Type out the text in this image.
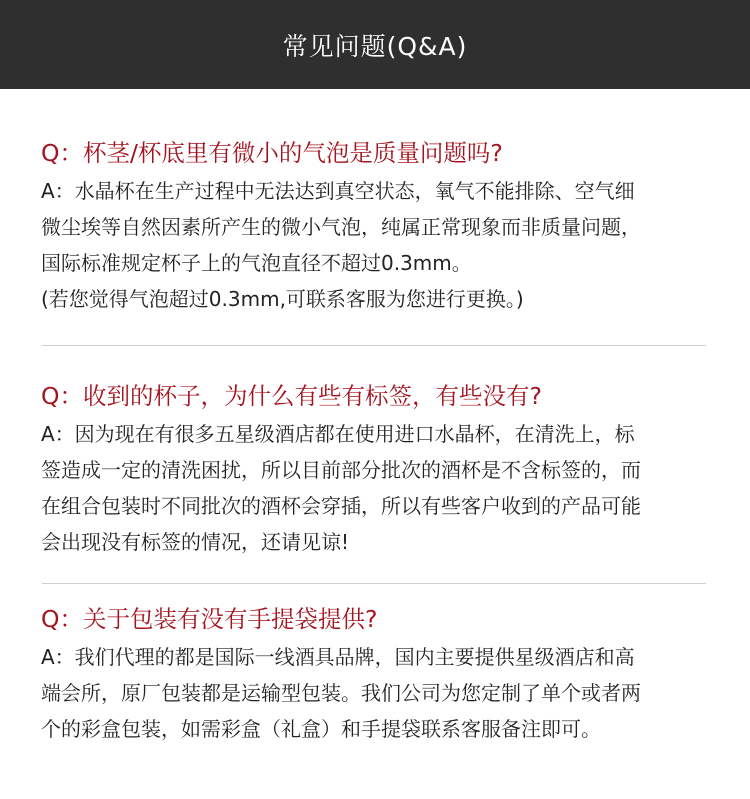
常见问题(Q&A)
Q：杯茎/杯底里有微小的气泡是质量问题吗?
A：水晶杯在生产过程中无法达到真空状态，氧气不能排除、空气细
微尘埃等自然因素所产生的微小气泡，纯属正常现象而非质量问题，
国际标准规定杯子上的气泡直径不超过0.3mm。
(若您觉得气泡超过0.3mm,可联系客服为您进行更换。)
Q：收到的杯子，为什么有些有标签，有些没有?
A：因为现在有很多五星级酒店都在使用进口水晶杯，在清洗上，标
签造成一定的清洗困扰，所以目前部分批次的酒杯是不含标签的，而
在组合包装时不同批次的酒杯会穿插，所以有些客户收到的产品可能
会出现没有标签的情况，还请见谅!
Q：关于包装有没有手提袋提供?
A：我们代理的都是国际一线酒具品牌，国内主要提供星级酒店和高
端会所，原厂包装都是运输型包装。我们公司为您定制了单个或者两
个的彩盒包装，如需彩盒（礼盒）和手提袋联系客服备注即可。
